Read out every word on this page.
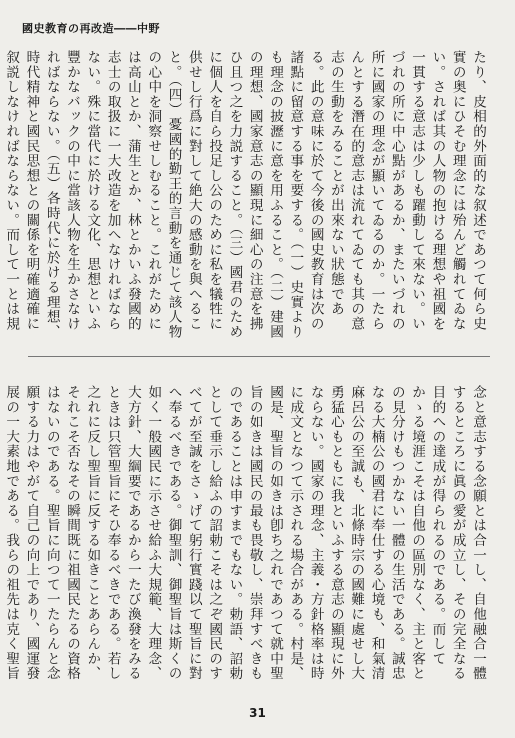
國史教育の再改造――中野

たり、皮相的外面的な叙述であつて何ら史實の奥にひそむ理念には殆んど觸れてゐない。されば其の人物の抱ける理想や祖國を一貫する意志は少しも躍動して來ない。いづれの所に中心點があるか、またいづれの所に國家の理念が顯いてゐるのか。一たらんとする潛在的意志は流れてゐても其の意志の生動をみることが出來ない狀態である。此の意味に於て今後の國史教育は次の諸點に留意する事を要する。（一）史實よりも理念の披瀝に意を用ふること。（二）建國の理想、國家意志の顯現に細心の注意を拂ひ且つ之を力説すること。（三）國君のために個人を自ら投足し公のために私を犠牲に供せし行爲に對して絶大の感動を與へること。（四）憂國的勤王的言動を通じて該人物の心中を洞察せしむること。これがためには高山とか、蒲生とか、林とかいふ發國的志士の取扱に一大改造を加へなければならない。殊に當代に於ける文化、思想といふ豐かなバックの中に當該人物を生かさなければならない。（五）各時代に於ける理想、時代精神と國民思想との關係を明確適確に叙説しなければならない。而して一とは規

念と意志する念願とは合一し、自他融合一體するところに眞の愛が成立し、その完全なる目的への達成が得られるのである。而してかゝる境涯こそは自他の區別なく、主と客との見分けもつかない一體の生活である。誠忠なる大楠公の國君に奉仕する心境も、和氣清麻呂公の至誠も、北條時宗の國難に處せし大勇猛心もともに我といふする意志の顯現に外ならない。國家の理念、主義・方針格率は時に成文となつて示される場合がある。村是、國是、聖旨の如きは卽ち之れであつて就中聖旨の如きは國民の最も畏敬し、崇拜すべきものであることは申すまでもない。勅語、詔勅として垂示し給ふの詔勅こそは之ぞ國民のすべてが至誠をさゝげて躬行實踐以て聖旨に對へ奉るべきである。御聖訓、御聖旨は斯くの如く一般國民に示させ給ふ大規範、大理念、大方針、大綱要であるから一たび渙發をみるときは只管聖旨にそひ奉るべきである。若し之れに反し聖旨に反する如きことあらんか、それこそ否なその瞬間既に祖國民たるの資格はないのである。聖旨に向つて一たらんと念願する力はやがて自己の向上であり、國運發展の一大素地である。我らの祖先は克く聖旨

31
